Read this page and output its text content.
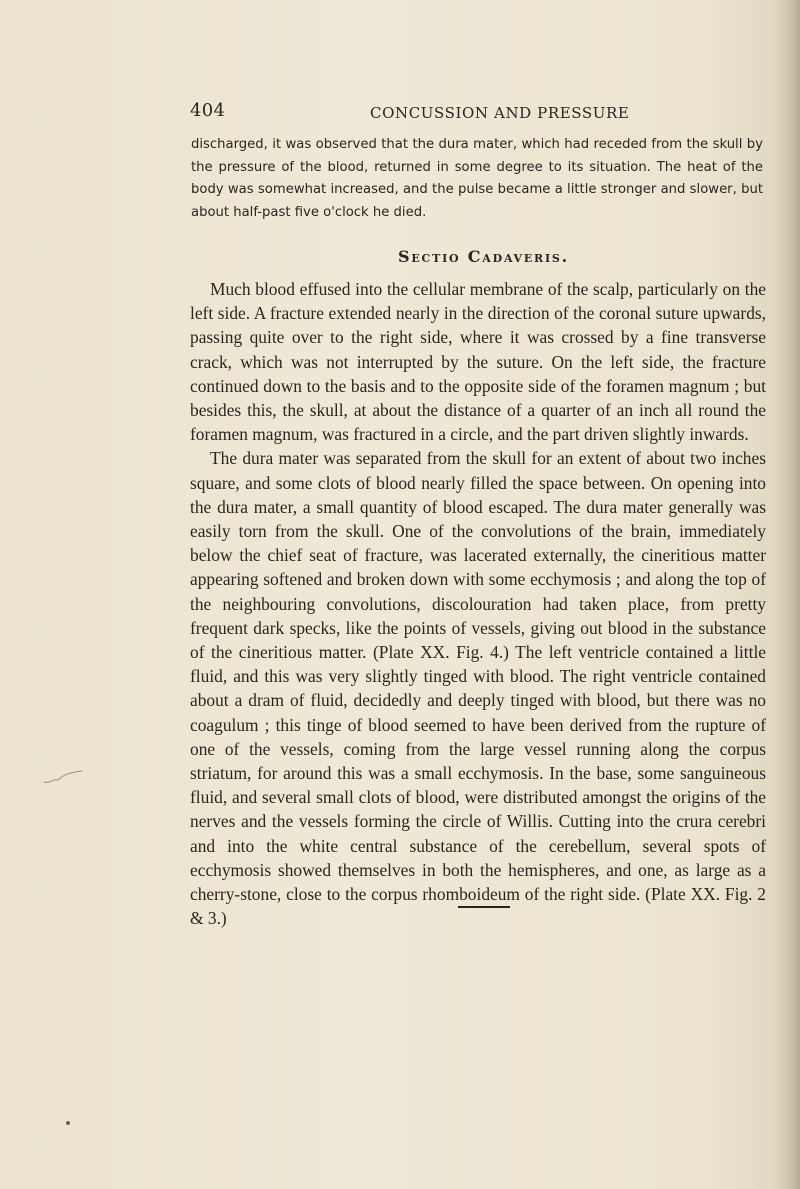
404	CONCUSSION AND PRESSURE

discharged, it was observed that the dura mater, which had receded from the skull by the pressure of the blood, returned in some degree to its situation. The heat of the body was somewhat increased, and the pulse became a little stronger and slower, but about half-past five o'clock he died.

Sectio Cadaveris.

Much blood effused into the cellular membrane of the scalp, particularly on the left side. A fracture extended nearly in the direction of the coronal suture upwards, passing quite over to the right side, where it was crossed by a fine transverse crack, which was not interrupted by the suture. On the left side, the fracture continued down to the basis and to the opposite side of the foramen magnum ; but besides this, the skull, at about the distance of a quarter of an inch all round the foramen magnum, was fractured in a circle, and the part driven slightly inwards.

The dura mater was separated from the skull for an extent of about two inches square, and some clots of blood nearly filled the space between. On opening into the dura mater, a small quantity of blood escaped. The dura mater generally was easily torn from the skull. One of the convolutions of the brain, immediately below the chief seat of fracture, was lacerated externally, the cineritious matter appearing softened and broken down with some ecchymosis ; and along the top of the neighbouring convolutions, discolouration had taken place, from pretty frequent dark specks, like the points of vessels, giving out blood in the substance of the cineritious matter. (Plate XX. Fig. 4.) The left ventricle contained a little fluid, and this was very slightly tinged with blood. The right ventricle contained about a dram of fluid, decidedly and deeply tinged with blood, but there was no coagulum ; this tinge of blood seemed to have been derived from the rupture of one of the vessels, coming from the large vessel running along the corpus striatum, for around this was a small ecchymosis. In the base, some sanguineous fluid, and several small clots of blood, were distributed amongst the origins of the nerves and the vessels forming the circle of Willis. Cutting into the crura cerebri and into the white central substance of the cerebellum, several spots of ecchymosis showed themselves in both the hemispheres, and one, as large as a cherry-stone, close to the corpus rhomboideum of the right side. (Plate XX. Fig. 2 & 3.)
